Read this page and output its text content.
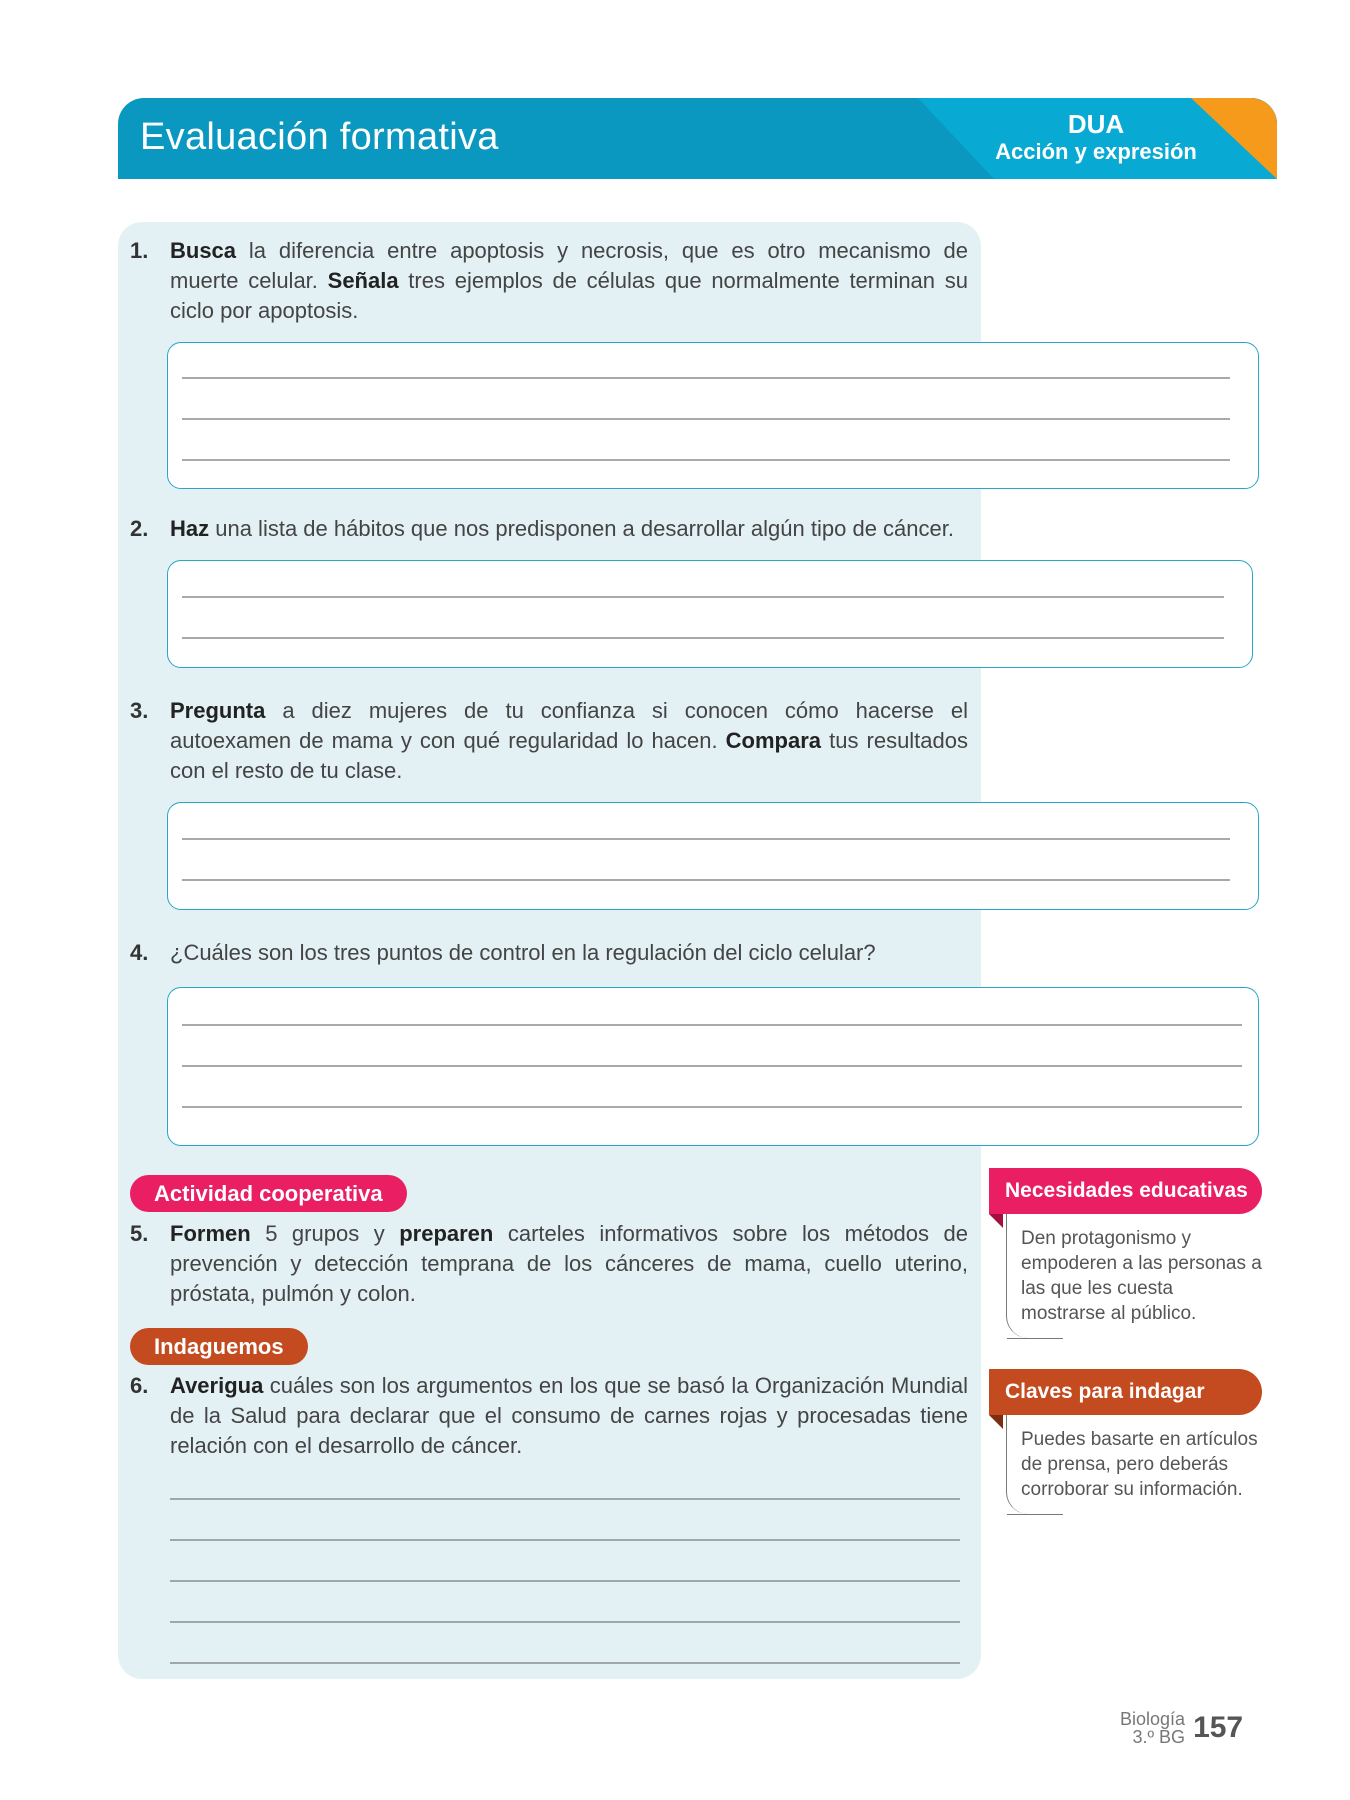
Evaluación formativa	DUA
Acción y expresión
1. Busca la diferencia entre apoptosis y necrosis, que es otro mecanismo de muerte celular. Señala tres ejemplos de células que normalmente terminan su ciclo por apoptosis.
2. Haz una lista de hábitos que nos predisponen a desarrollar algún tipo de cáncer.
3. Pregunta a diez mujeres de tu confianza si conocen cómo hacerse el autoexamen de mama y con qué regularidad lo hacen. Compara tus resultados con el resto de tu clase.
4. ¿Cuáles son los tres puntos de control en la regulación del ciclo celular?
Actividad cooperativa
5. Formen 5 grupos y preparen carteles informativos sobre los métodos de prevención y detección temprana de los cánceres de mama, cuello uterino, próstata, pulmón y colon.
Indaguemos
6. Averigua cuáles son los argumentos en los que se basó la Organización Mundial de la Salud para declarar que el consumo de carnes rojas y procesadas tiene relación con el desarrollo de cáncer.
Necesidades educativas
Den protagonismo y empoderen a las personas a las que les cuesta mostrarse al público.
Claves para indagar
Puedes basarte en artículos de prensa, pero deberás corroborar su información.
Biología
3.º BG 157
